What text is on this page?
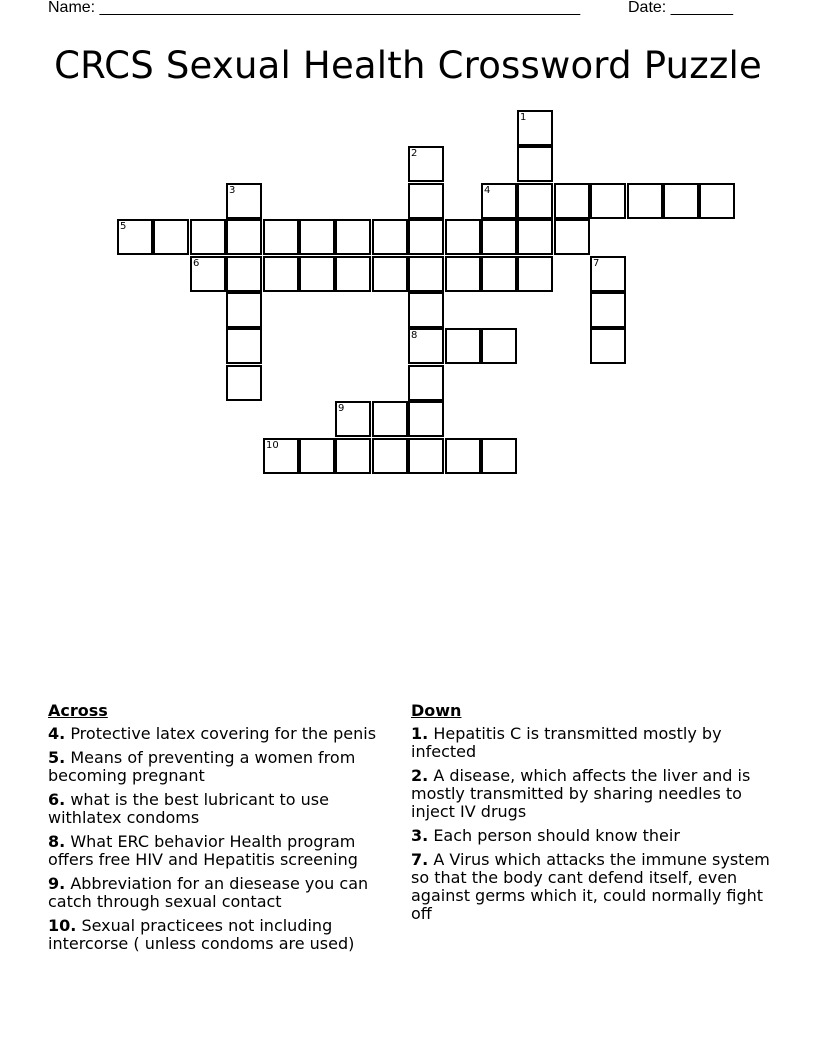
Name: ______________________________________________________	Date: _______
CRCS Sexual Health Crossword Puzzle
1
2
8
3	4
5
6	7
9
10
Across
4. Protective latex covering for the penis
5. Means of preventing a women from becoming pregnant
6. what is the best lubricant to use withlatex condoms
8. What ERC behavior Health program offers free HIV and Hepatitis screening
9. Abbreviation for an diesease you can catch through sexual contact
10. Sexual practicees not including intercorse ( unless condoms are used)
Down
1. Hepatitis C is transmitted mostly by infected
2. A disease, which affects the liver and is mostly transmitted by sharing needles to inject IV drugs
3. Each person should know their
7. A Virus which attacks the immune system so that the body cant defend itself, even against germs which it, could normally fight off
